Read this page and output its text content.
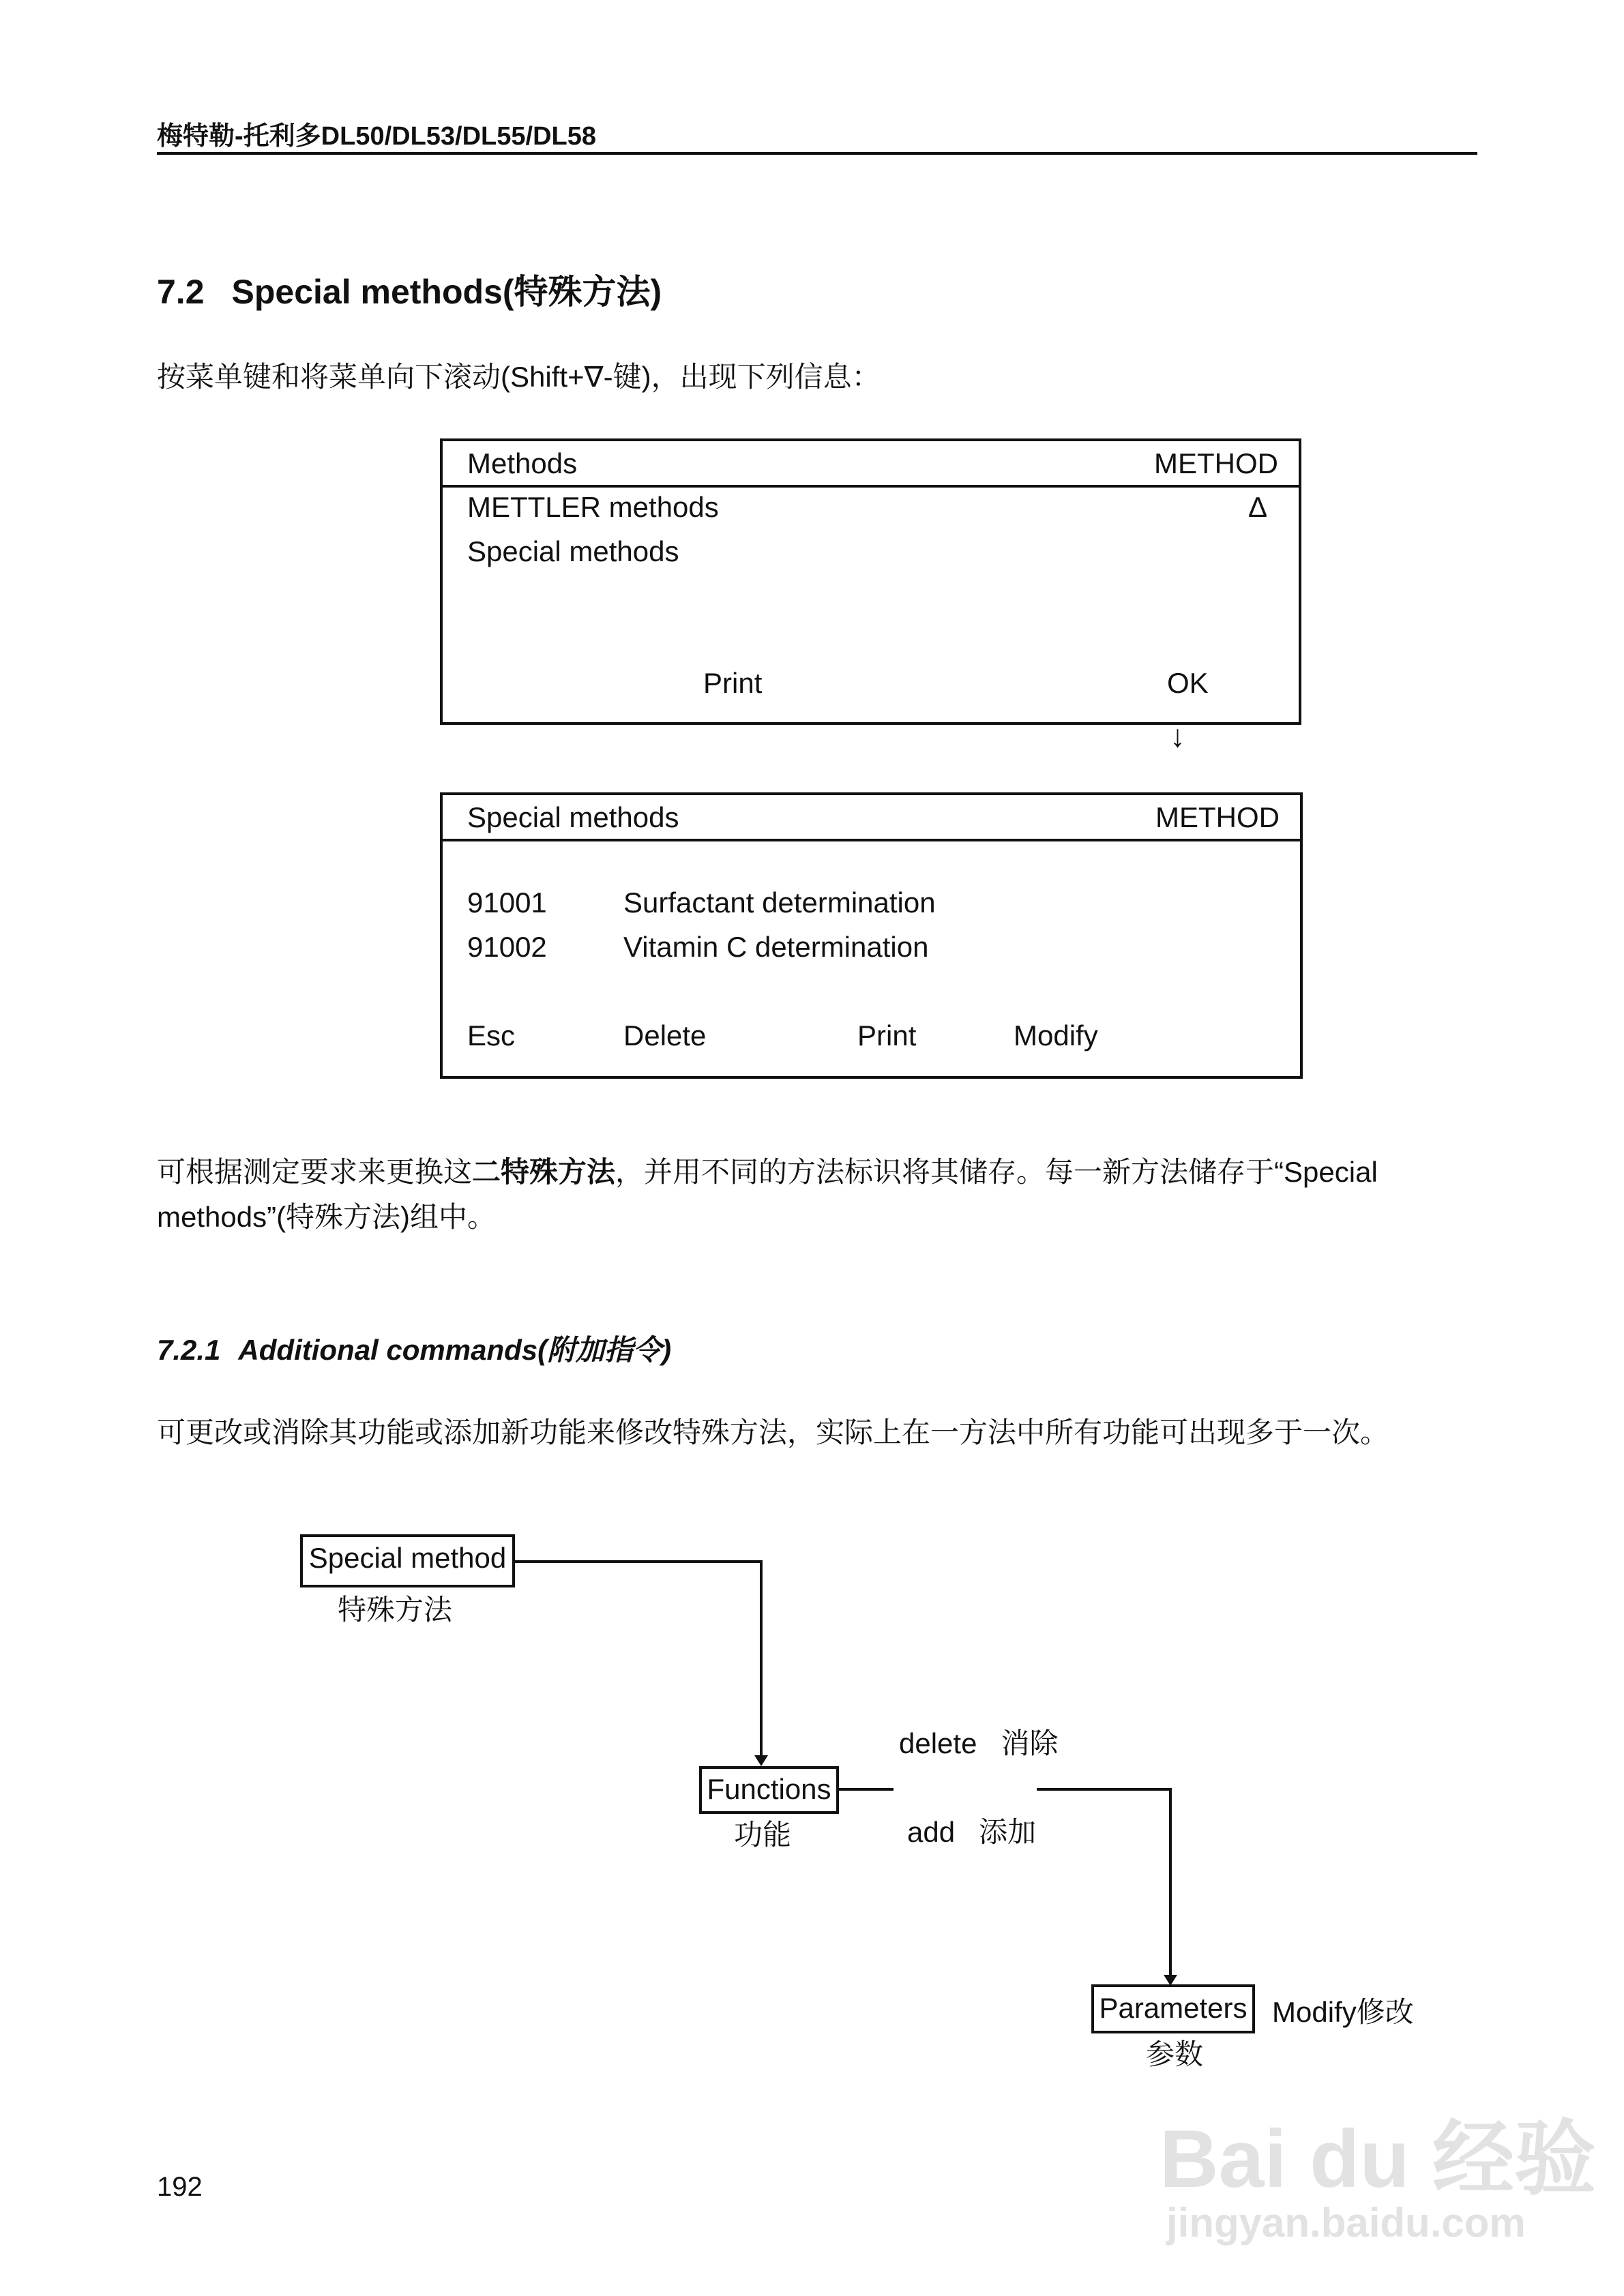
梅特勒-托利多DL50/DL53/DL55/DL58
7.2 Special methods(特殊方法)
按菜单键和将菜单向下滚动(Shift+∇-键)，出现下列信息：
Methods	METHOD
METTLER methods	Δ
Special methods
Print	OK
↓
Special methods	METHOD
91001	Surfactant determination
91002	Vitamin C determination
Esc	Delete	Print	Modify
可根据测定要求来更换这二特殊方法，并用不同的方法标识将其储存。每一新方法储存于“Special
methods”(特殊方法)组中。
7.2.1 Additional commands(附加指令)
可更改或消除其功能或添加新功能来修改特殊方法，实际上在一方法中所有功能可出现多于一次。
Special method
特殊方法
Functions
功能
delete 消除
add 添加
Parameters Modify修改
参数
192	Bai du 经验
jingyan.baidu.com
